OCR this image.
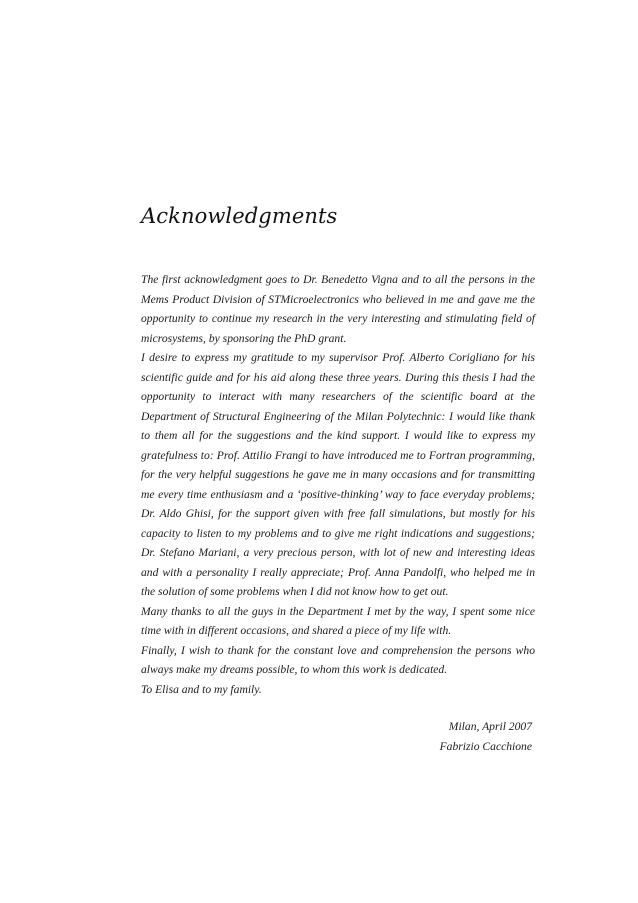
Acknowledgments

The first acknowledgment goes to Dr. Benedetto Vigna and to all the persons in the Mems Product Division of STMicroelectronics who believed in me and gave me the opportunity to continue my research in the very interesting and stimulating field of microsystems, by sponsoring the PhD grant.

I desire to express my gratitude to my supervisor Prof. Alberto Corigliano for his scientific guide and for his aid along these three years. During this thesis I had the opportunity to interact with many researchers of the scientific board at the Department of Structural Engineering of the Milan Polytechnic: I would like thank to them all for the suggestions and the kind support. I would like to express my gratefulness to: Prof. Attilio Frangi to have introduced me to Fortran programming, for the very helpful suggestions he gave me in many occasions and for transmitting me every time enthusiasm and a ‘positive-thinking’ way to face everyday problems; Dr. Aldo Ghisi, for the support given with free fall simulations, but mostly for his capacity to listen to my problems and to give me right indications and suggestions; Dr. Stefano Mariani, a very precious person, with lot of new and interesting ideas and with a personality I really appreciate; Prof. Anna Pandolfi, who helped me in the solution of some problems when I did not know how to get out.

Many thanks to all the guys in the Department I met by the way, I spent some nice time with in different occasions, and shared a piece of my life with.

Finally, I wish to thank for the constant love and comprehension the persons who always make my dreams possible, to whom this work is dedicated.

To Elisa and to my family.

Milan, April 2007
Fabrizio Cacchione
